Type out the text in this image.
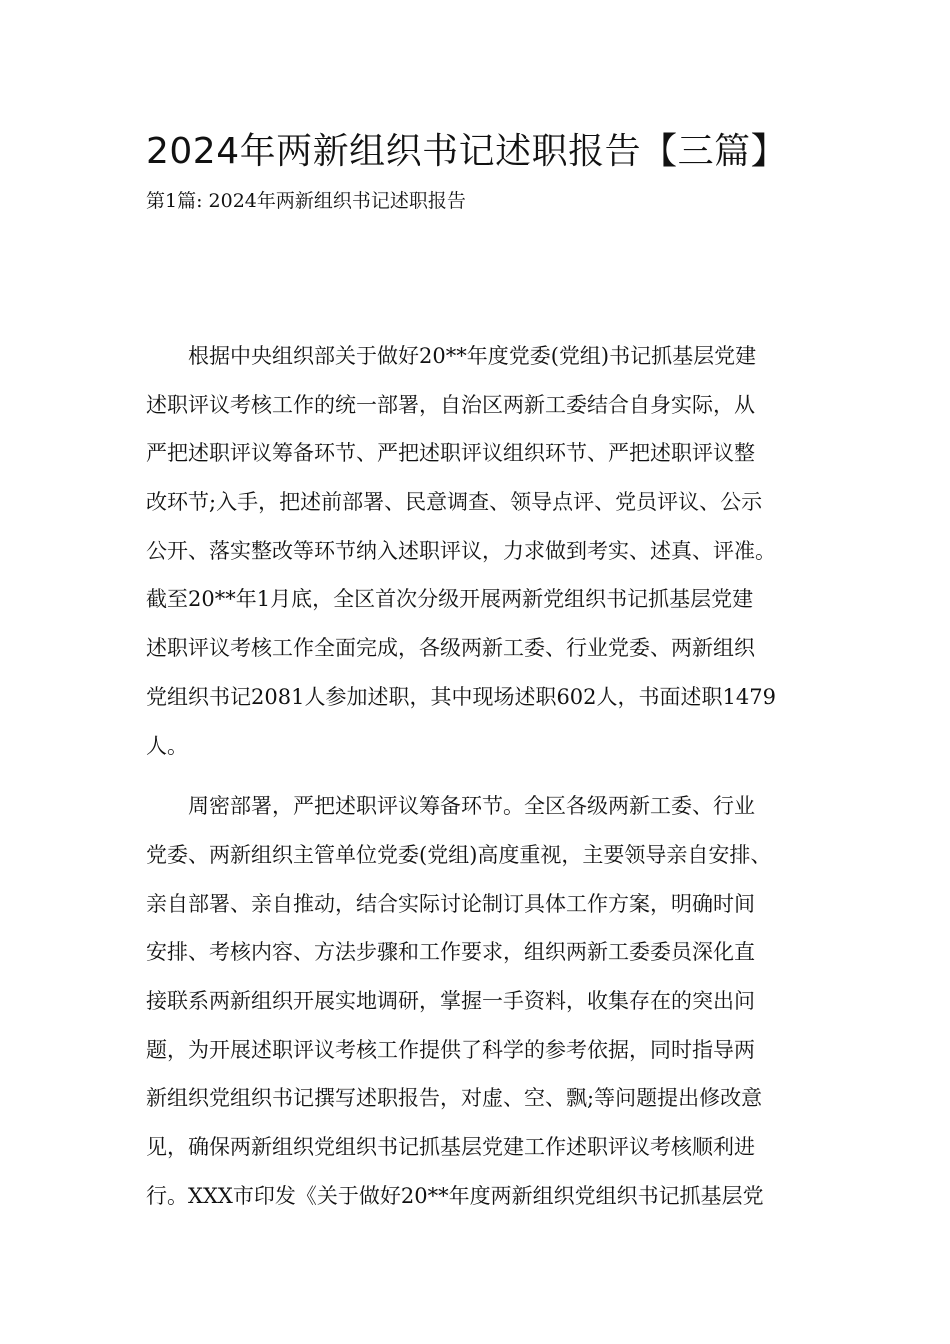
2024年两新组织书记述职报告【三篇】
第1篇: 2024年两新组织书记述职报告
　　根据中央组织部关于做好20**年度党委(党组)书记抓基层党建
述职评议考核工作的统一部署，自治区两新工委结合自身实际，从
严把述职评议筹备环节、严把述职评议组织环节、严把述职评议整
改环节;入手，把述前部署、民意调查、领导点评、党员评议、公示
公开、落实整改等环节纳入述职评议，力求做到考实、述真、评准。
截至20**年1月底，全区首次分级开展两新党组织书记抓基层党建
述职评议考核工作全面完成，各级两新工委、行业党委、两新组织
党组织书记2081人参加述职，其中现场述职602人，书面述职1479
人。
　　周密部署，严把述职评议筹备环节。全区各级两新工委、行业
党委、两新组织主管单位党委(党组)高度重视，主要领导亲自安排、
亲自部署、亲自推动，结合实际讨论制订具体工作方案，明确时间
安排、考核内容、方法步骤和工作要求，组织两新工委委员深化直
接联系两新组织开展实地调研，掌握一手资料，收集存在的突出问
题，为开展述职评议考核工作提供了科学的参考依据，同时指导两
新组织党组织书记撰写述职报告，对虚、空、飘;等问题提出修改意
见，确保两新组织党组织书记抓基层党建工作述职评议考核顺利进
行。XXX市印发《关于做好20**年度两新组织党组织书记抓基层党
